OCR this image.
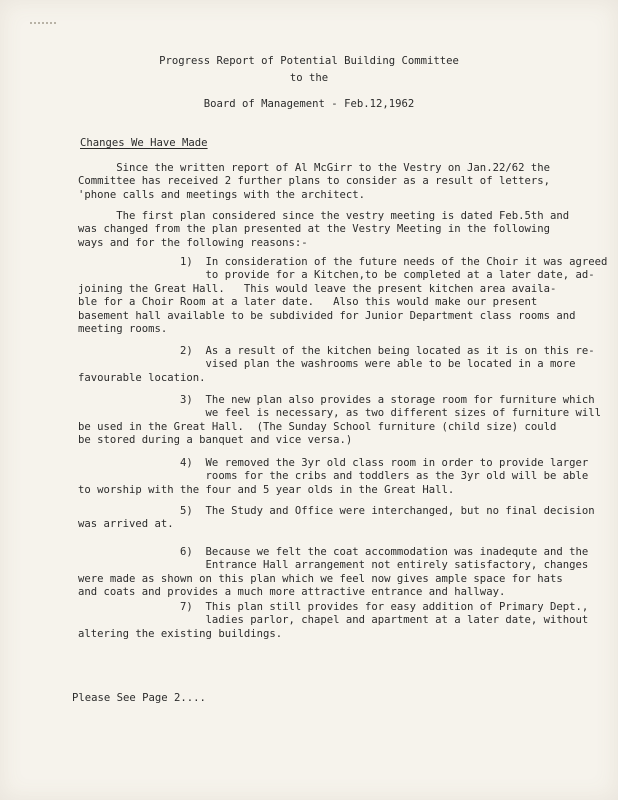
Progress Report of Potential Building Committee
to the
Board of Management - Feb.12,1962
Changes We Have Made
Since the written report of Al McGirr to the Vestry on Jan.22/62 the
Committee has received 2 further plans to consider as a result of letters,
'phone calls and meetings with the architect.
The first plan considered since the vestry meeting is dated Feb.5th and
was changed from the plan presented at the Vestry Meeting in the following
ways and for the following reasons:-
1)  In consideration of the future needs of the Choir it was agreed
to provide for a Kitchen,to be completed at a later date, ad-
joining the Great Hall.   This would leave the present kitchen area availa-
ble for a Choir Room at a later date.   Also this would make our present
basement hall available to be subdivided for Junior Department class rooms and
meeting rooms.
2)  As a result of the kitchen being located as it is on this re-
vised plan the washrooms were able to be located in a more
favourable location.
3)  The new plan also provides a storage room for furniture which
we feel is necessary, as two different sizes of furniture will
be used in the Great Hall.  (The Sunday School furniture (child size) could
be stored during a banquet and vice versa.)
4)  We removed the 3yr old class room in order to provide larger
rooms for the cribs and toddlers as the 3yr old will be able
to worship with the four and 5 year olds in the Great Hall.
5)  The Study and Office were interchanged, but no final decision
was arrived at.
6)  Because we felt the coat accommodation was inadequte and the
Entrance Hall arrangement not entirely satisfactory, changes
were made as shown on this plan which we feel now gives ample space for hats
and coats and provides a much more attractive entrance and hallway.
7)  This plan still provides for easy addition of Primary Dept.,
ladies parlor, chapel and apartment at a later date, without
altering the existing buildings.
Please See Page 2....
